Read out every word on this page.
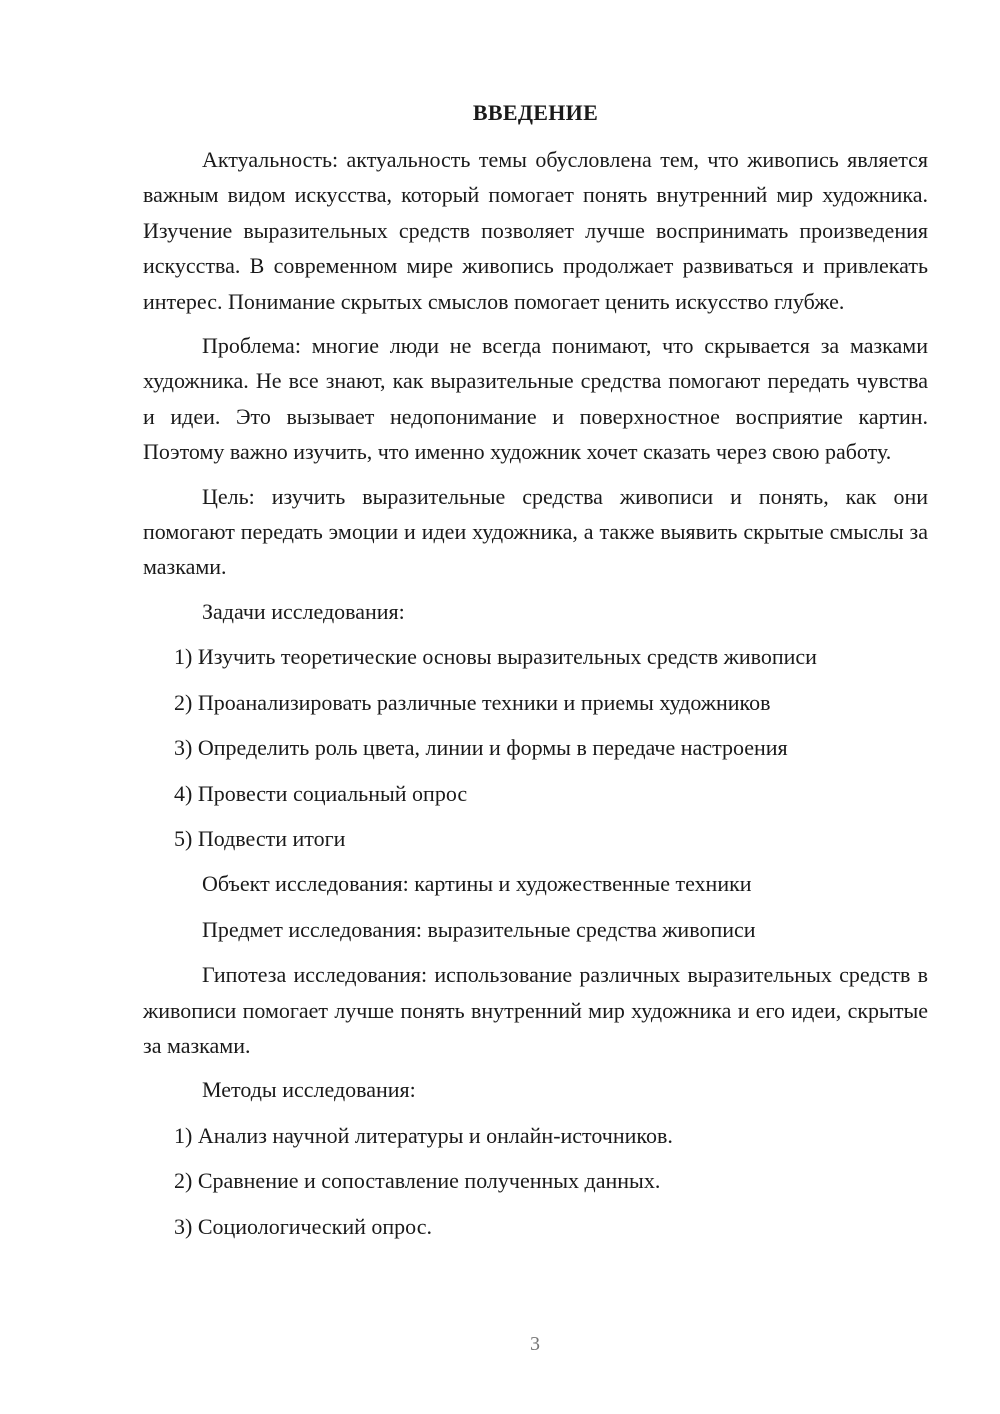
ВВЕДЕНИЕ

Актуальность: актуальность темы обусловлена тем, что живопись является важным видом искусства, который помогает понять внутренний мир художника. Изучение выразительных средств позволяет лучше воспринимать произведения искусства. В современном мире живопись продолжает развиваться и привлекать интерес. Понимание скрытых смыслов помогает ценить искусство глубже.

Проблема: многие люди не всегда понимают, что скрывается за мазками художника. Не все знают, как выразительные средства помогают передать чувства и идеи. Это вызывает недопонимание и поверхностное восприятие картин. Поэтому важно изучить, что именно художник хочет сказать через свою работу.

Цель: изучить выразительные средства живописи и понять, как они помогают передать эмоции и идеи художника, а также выявить скрытые смыслы за мазками.

Задачи исследования:

1) Изучить теоретические основы выразительных средств живописи
2) Проанализировать различные техники и приемы художников
3) Определить роль цвета, линии и формы в передаче настроения
4) Провести социальный опрос
5) Подвести итоги

Объект исследования: картины и художественные техники

Предмет исследования: выразительные средства живописи

Гипотеза исследования: использование различных выразительных средств в живописи помогает лучше понять внутренний мир художника и его идеи, скрытые за мазками.

Методы исследования:

1) Анализ научной литературы и онлайн-источников.
2) Сравнение и сопоставление полученных данных.
3) Социологический опрос.
3
